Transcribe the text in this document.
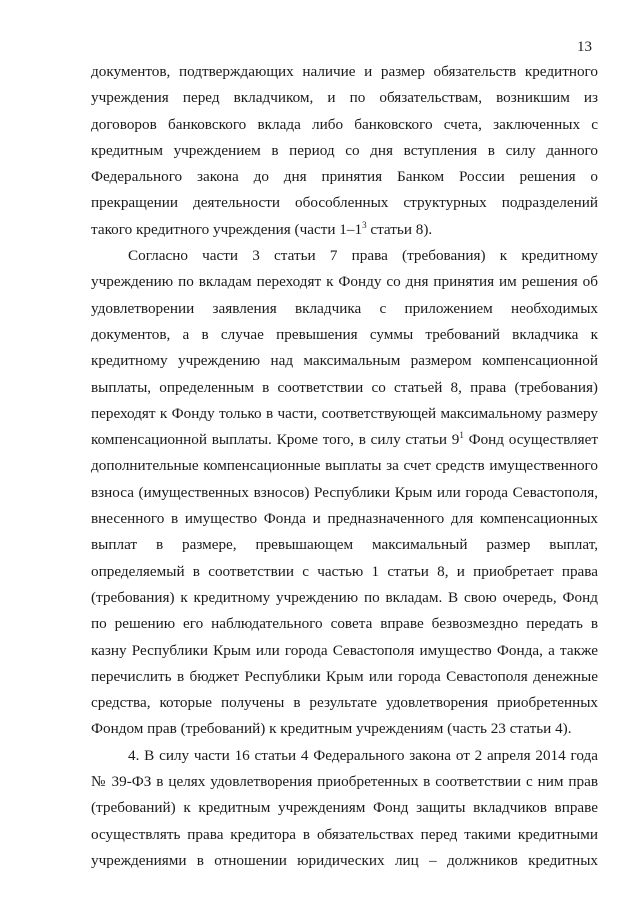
13
документов, подтверждающих наличие и размер обязательств кредитного
учреждения перед вкладчиком, и по обязательствам, возникшим из
договоров банковского вклада либо банковского счета, заключенных с
кредитным учреждением в период со дня вступления в силу данного
Федерального закона до дня принятия Банком России решения о
прекращении деятельности обособленных структурных подразделений
такого кредитного учреждения (части $1-1^3$ статьи 8).
Согласно части 3 статьи 7 права (требования) к кредитному
учреждению по вкладам переходят к Фонду со дня принятия им решения об
удовлетворении заявления вкладчика с приложением необходимых
документов, а в случае превышения суммы требований вкладчика к
кредитному учреждению над максимальным размером компенсационной
выплаты, определенным в соответствии со статьей 8, права (требования)
переходят к Фонду только в части, соответствующей максимальному размеру
компенсационной выплаты. Кроме того, в силу статьи $9^1$ Фонд осуществляет
дополнительные компенсационные выплаты за счет средств имущественного
взноса (имущественных взносов) Республики Крым или города Севастополя,
внесенного в имущество Фонда и предназначенного для компенсационных
выплат в размере, превышающем максимальный размер выплат,
определяемый в соответствии с частью 1 статьи 8, и приобретает права
(требования) к кредитному учреждению по вкладам. В свою очередь, Фонд
по решению его наблюдательного совета вправе безвозмездно передать в
казну Республики Крым или города Севастополя имущество Фонда, а также
перечислить в бюджет Республики Крым или города Севастополя денежные
средства, которые получены в результате удовлетворения приобретенных
Фондом прав (требований) к кредитным учреждениям (часть 23 статьи 4).
4. В силу части 16 статьи 4 Федерального закона от 2 апреля 2014 года
№ 39-ФЗ в целях удовлетворения приобретенных в соответствии с ним прав
(требований) к кредитным учреждениям Фонд защиты вкладчиков вправе
осуществлять права кредитора в обязательствах перед такими кредитными
учреждениями в отношении юридических лиц – должников кредитных
